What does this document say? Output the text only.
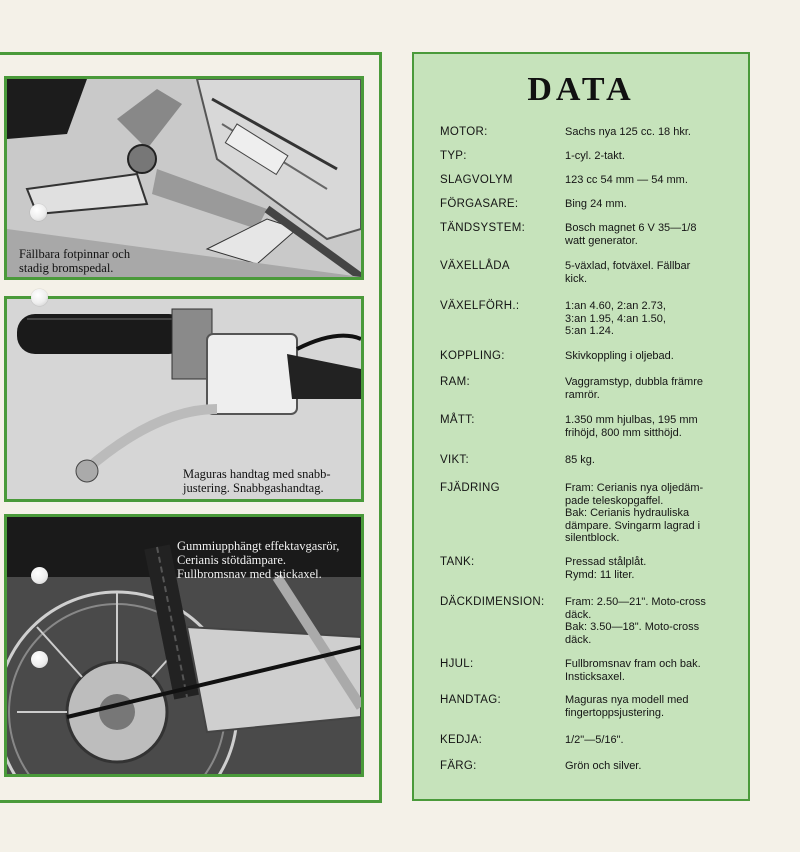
Fällbara fotpinnar och
stadig bromspedal.
Maguras handtag med snabb-
justering. Snabbgashandtag.
Gummiupphängt effektavgasrör,
Cerianis stötdämpare.
Fullbromsnav med stickaxel.
DATA
MOTOR:	Sachs nya 125 cc. 18 hkr.
TYP:	1-cyl. 2-takt.
SLAGVOLYM	123 cc 54 mm — 54 mm.
FÖRGASARE:	Bing 24 mm.
TÄNDSYSTEM:	Bosch magnet 6 V 35—1/8
watt generator.
VÄXELLÅDA	5-växlad, fotväxel. Fällbar
kick.
VÄXELFÖRH.:	1:an 4.60, 2:an 2.73,
3:an 1.95, 4:an 1.50,
5:an 1.24.
KOPPLING:	Skivkoppling i oljebad.
RAM:	Vaggramstyp, dubbla främre
ramrör.
MÅTT:	1.350 mm hjulbas, 195 mm
frihöjd, 800 mm sitthöjd.
VIKT:	85 kg.
FJÄDRING	Fram: Cerianis nya oljedäm-
pade teleskopgaffel.
Bak: Cerianis hydrauliska
dämpare. Svingarm lagrad i
silentblock.
TANK:	Pressad stålplåt.
Rymd: 11 liter.
DÄCKDIMENSION: Fram: 2.50—21". Moto-cross
däck.
Bak: 3.50—18". Moto-cross
däck.
HJUL:	Fullbromsnav fram och bak.
Insticksaxel.
HANDTAG:	Maguras nya modell med
fingertoppsjustering.
KEDJA:	1/2"—5/16".
FÄRG:	Grön och silver.
